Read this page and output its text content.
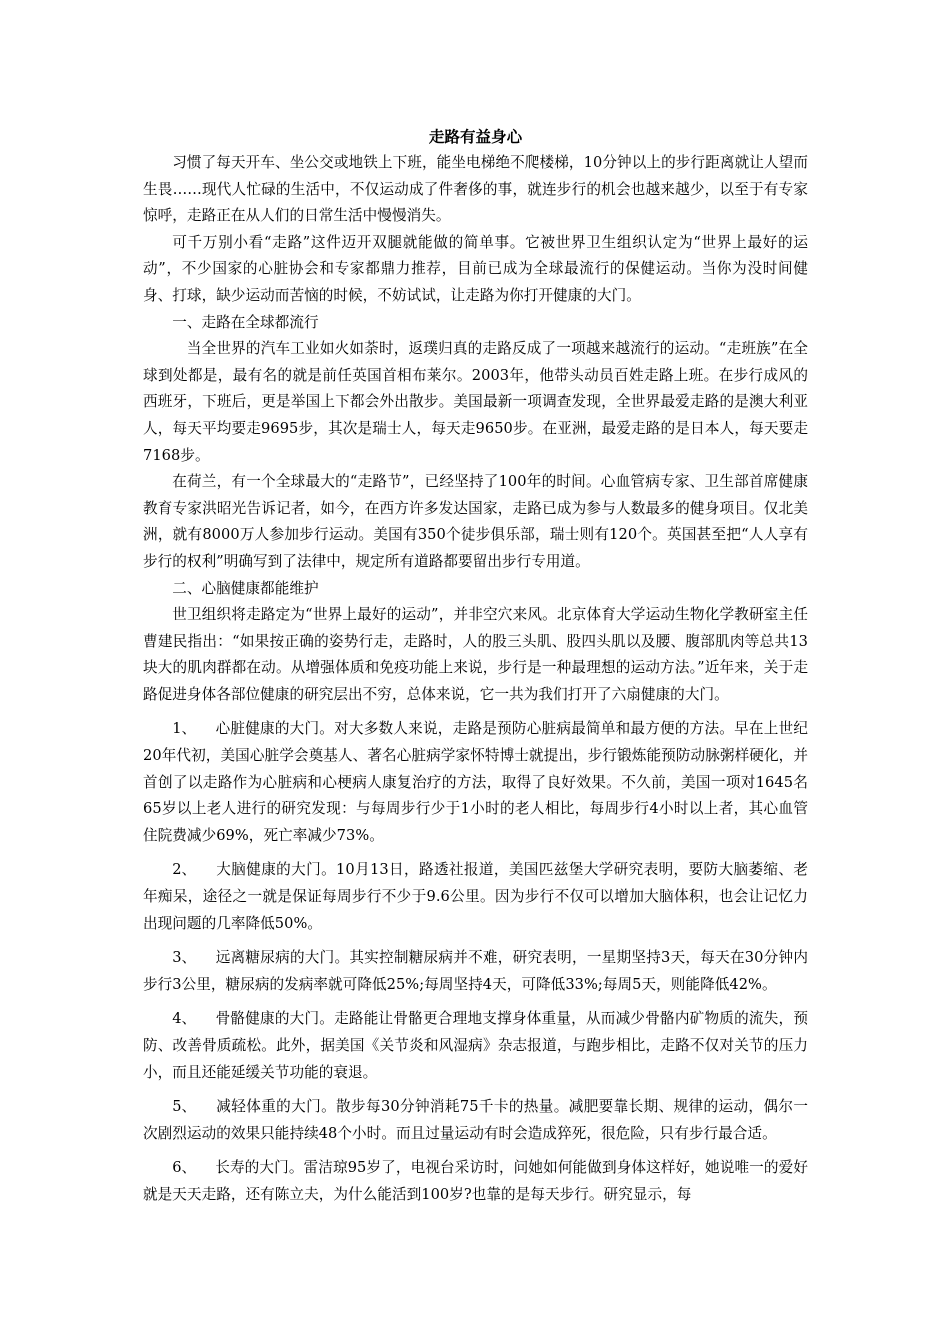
走路有益身心

习惯了每天开车、坐公交或地铁上下班，能坐电梯绝不爬楼梯，10分钟以上的步行距离就让人望而生畏……现代人忙碌的生活中，不仅运动成了件奢侈的事，就连步行的机会也越来越少，以至于有专家惊呼，走路正在从人们的日常生活中慢慢消失。

可千万别小看“走路”这件迈开双腿就能做的简单事。它被世界卫生组织认定为“世界上最好的运动”，不少国家的心脏协会和专家都鼎力推荐，目前已成为全球最流行的保健运动。当你为没时间健身、打球，缺少运动而苦恼的时候，不妨试试，让走路为你打开健康的大门。

一、走路在全球都流行

当全世界的汽车工业如火如荼时，返璞归真的走路反成了一项越来越流行的运动。“走班族”在全球到处都是，最有名的就是前任英国首相布莱尔。2003年，他带头动员百姓走路上班。在步行成风的西班牙，下班后，更是举国上下都会外出散步。美国最新一项调查发现，全世界最爱走路的是澳大利亚人，每天平均要走9695步，其次是瑞士人，每天走9650步。在亚洲，最爱走路的是日本人，每天要走7168步。

在荷兰，有一个全球最大的“走路节”，已经坚持了100年的时间。心血管病专家、卫生部首席健康教育专家洪昭光告诉记者，如今，在西方许多发达国家，走路已成为参与人数最多的健身项目。仅北美洲，就有8000万人参加步行运动。美国有350个徒步俱乐部，瑞士则有120个。英国甚至把“人人享有步行的权利”明确写到了法律中，规定所有道路都要留出步行专用道。

二、心脑健康都能维护

世卫组织将走路定为“世界上最好的运动”，并非空穴来风。北京体育大学运动生物化学教研室主任曹建民指出：“如果按正确的姿势行走，走路时，人的股三头肌、股四头肌以及腰、腹部肌肉等总共13块大的肌肉群都在动。从增强体质和免疫功能上来说，步行是一种最理想的运动方法。”近年来，关于走路促进身体各部位健康的研究层出不穷，总体来说，它一共为我们打开了六扇健康的大门。

1、 心脏健康的大门。对大多数人来说，走路是预防心脏病最简单和最方便的方法。早在上世纪20年代初，美国心脏学会奠基人、著名心脏病学家怀特博士就提出，步行锻炼能预防动脉粥样硬化，并首创了以走路作为心脏病和心梗病人康复治疗的方法，取得了良好效果。不久前，美国一项对1645名65岁以上老人进行的研究发现：与每周步行少于1小时的老人相比，每周步行4小时以上者，其心血管住院费减少69%，死亡率减少73%。

2、 大脑健康的大门。10月13日，路透社报道，美国匹兹堡大学研究表明，要防大脑萎缩、老年痴呆，途径之一就是保证每周步行不少于9.6公里。因为步行不仅可以增加大脑体积，也会让记忆力出现问题的几率降低50%。

3、 远离糖尿病的大门。其实控制糖尿病并不难，研究表明，一星期坚持3天，每天在30分钟内步行3公里，糖尿病的发病率就可降低25%;每周坚持4天，可降低33%;每周5天，则能降低42%。

4、 骨骼健康的大门。走路能让骨骼更合理地支撑身体重量，从而减少骨骼内矿物质的流失，预防、改善骨质疏松。此外，据美国《关节炎和风湿病》杂志报道，与跑步相比，走路不仅对关节的压力小，而且还能延缓关节功能的衰退。

5、 减轻体重的大门。散步每30分钟消耗75千卡的热量。减肥要靠长期、规律的运动，偶尔一次剧烈运动的效果只能持续48个小时。而且过量运动有时会造成猝死，很危险，只有步行最合适。

6、 长寿的大门。雷洁琼95岁了，电视台采访时，问她如何能做到身体这样好，她说唯一的爱好就是天天走路，还有陈立夫，为什么能活到100岁?也靠的是每天步行。研究显示，每
